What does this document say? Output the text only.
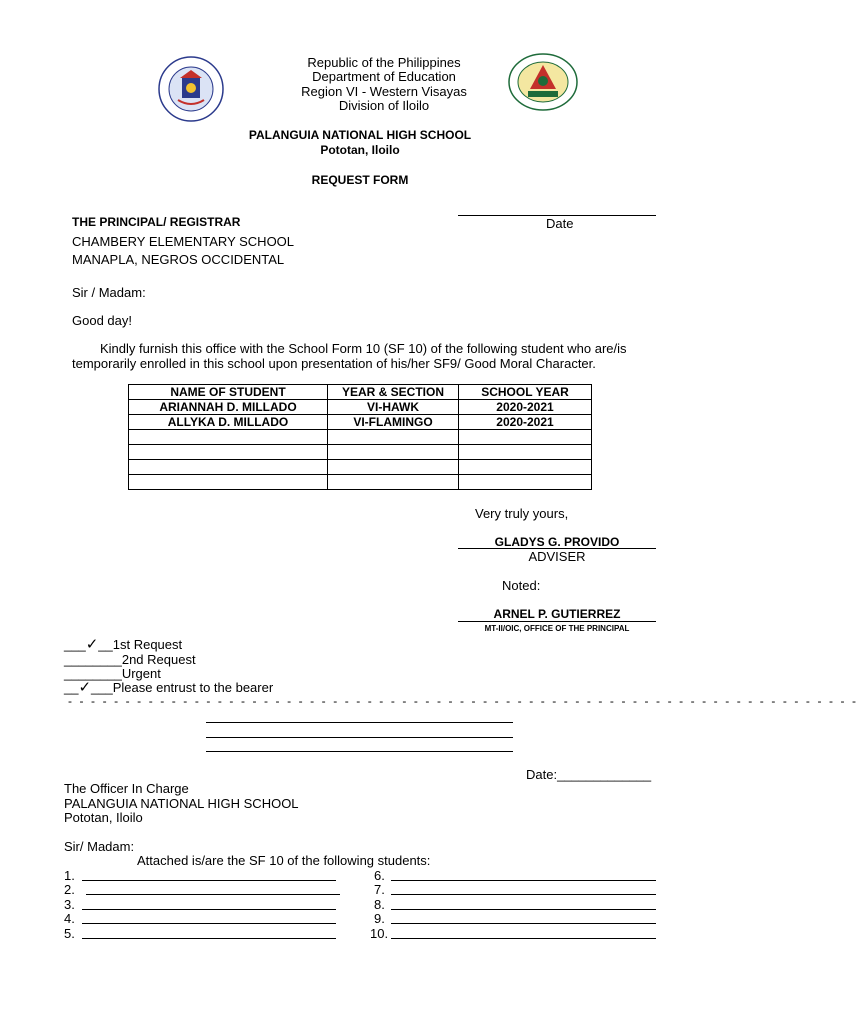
Republic of the Philippines
Department of Education
Region VI - Western Visayas
Division of Iloilo
PALANGUIA NATIONAL HIGH SCHOOL
Pototan, Iloilo
REQUEST FORM
THE PRINCIPAL/ REGISTRAR
CHAMBERY ELEMENTARY SCHOOL
MANAPLA, NEGROS OCCIDENTAL
Date
Sir / Madam:
Good day!
Kindly furnish this office with the School Form 10 (SF 10) of the following student who are/is
temporarily enrolled in this school upon presentation of his/her SF9/ Good Moral Character.
NAME OF STUDENT	YEAR & SECTION	SCHOOL YEAR
ARIANNAH D. MILLADO	VI-HAWK	2020-2021
ALLYKA D. MILLADO	VI-FLAMINGO	2020-2021

Very truly yours,
GLADYS G. PROVIDO
ADVISER
Noted:
ARNEL P. GUTIERREZ
MT-II/OIC, OFFICE OF THE PRINCIPAL
___✓__1st Request
________2nd Request
________Urgent
__✓___Please entrust to the bearer
- - - - - - - - - - - - - - - - - - - - - - - - - - - - - - - - - - - - - - - - - - - - - - - - - - - - - - - - - - - - - - - - - - - - -
Date:_____________
The Officer In Charge
PALANGUIA NATIONAL HIGH SCHOOL
Pototan, Iloilo
Sir/ Madam:
Attached is/are the SF 10 of the following students:
1.
2.
3.
4.
5.
6.
7.
8.
9.
10.
